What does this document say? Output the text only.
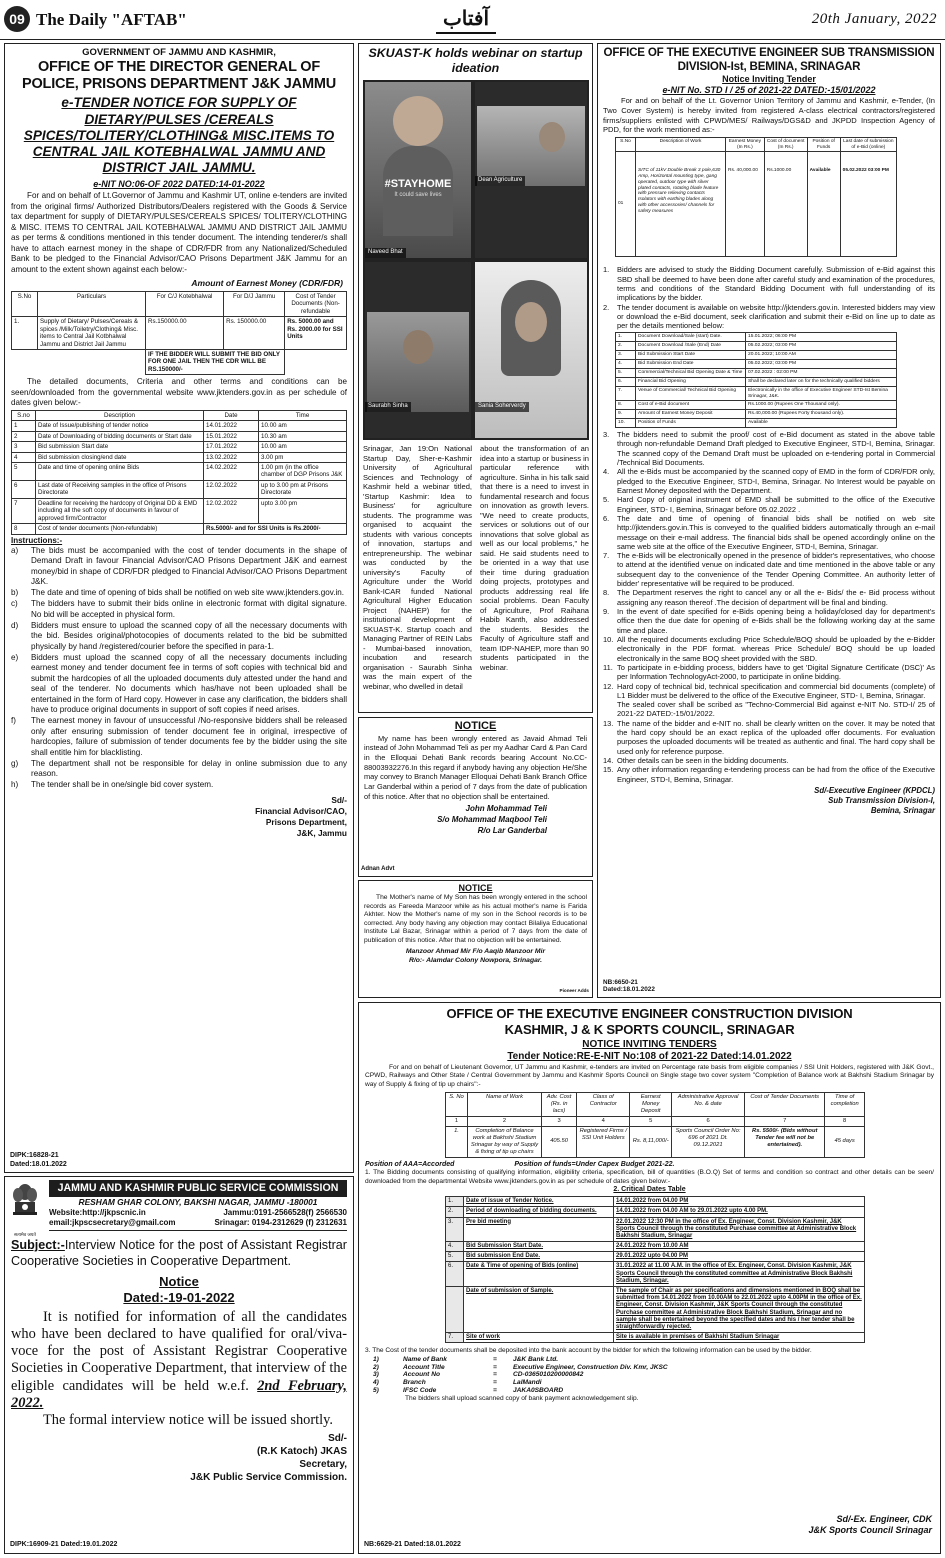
09 The Daily "AFTAB"	آفتاب	20th January, 2022
GOVERNMENT OF JAMMU AND KASHMIR,
OFFICE OF THE DIRECTOR GENERAL OF POLICE, PRISONS DEPARTMENT J&K JAMMU
e-TENDER NOTICE FOR SUPPLY OF DIETARY/PULSES /CEREALS SPICES/TOLITERY/CLOTHING& MISC.ITEMS TO CENTRAL JAIL KOTEBHALWAL JAMMU AND DISTRICT JAIL JAMMU.
e-NIT NO:06-OF 2022 DATED:14-01-2022

For and on behalf of Lt.Governor of Jammu and Kashmir UT, online e-tenders are invited from the original firms/ Authorized Distributors/Dealers registered with the Goods & Service tax department for supply of DIETARY/PULSES/CEREALS SPICES/ TOLITERY/CLOTHING & MISC. ITEMS TO CENTRAL JAIL KOTEBHALWAL JAMMU AND DISTRICT JAIL JAMMU as per terms & conditions mentioned in this tender document. The intending tenderer/s shall have to attach earnest money in the shape of CDR/FDR from any Nationalized/Scheduled Bank to be pledged to the Financial Advisor/CAO Prisons Department J&K Jammu for an amount to the extent shown against each below:-

Amount of Earnest Money (CDR/FDR)
S.No	Particulars	For C/J Kotebhalwal	For D/J Jammu	Cost of Tender Documents (Non-refundable
1.	Supply of Dietary/ Pulses/Cereals & spices /Milk/Toiletry/Clothing& Misc. items to Central Jail Kotbhalwal Jammu and District Jail Jammu	Rs.150000.00	Rs. 150000.00	Rs. 5000.00 and Rs. 2000.00 for SSI Units
		IF THE BIDDER WILL SUBMIT THE BID ONLY FOR ONE JAIL THEN THE CDR WILL BE RS.150000/-		

The detailed documents, Criteria and other terms and conditions can be seen/downloaded from the governmental website www.jktenders.gov.in as per schedule of dates given below:-

S.no	Description	Date	Time
1	Date of Issue/publishing of tender notice	14.01.2022	10.00 am
2	Date of Downloading of bidding documents or Start date	15.01.2022	10.30 am
3	Bid submission Start date	17.01.2022	10.00 am
4	Bid submission closing/end date	13.02.2022	3.00 pm
5	Date and time of opening online Bids	14.02.2022	1.00 pm (in the office chamber of DGP Prisons J&K
6	Last date of Receiving samples in the office of Prisons Directorate	12.02.2022	up to 3.00 pm at Prisons Directorate
7	Deadline for receiving the hardcopy of Original DD & EMD including all the soft copy of documents in favour of approved firm/Contractor	12.02.2022	upto 3.00 pm
8	Cost of tender documents (Non-refundable)	Rs.5000/- and for SSI Units is Rs.2000/-	
Instructions:-
a)	The bids must be accompanied with the cost of tender documents in the shape of Demand Draft in favour Financial Advisor/CAO Prisons Department J&K and earnest money/bid in shape of CDR/FDR pledged to Financial Advisor/CAO Prisons Department J&K.
b)	The date and time of opening of bids shall be notified on web site www.jktenders.gov.in.
c)	The bidders have to submit their bids online in electronic format with digital signature. No bid will be accepted in physical form.
d)	Bidders must ensure to upload the scanned copy of all the necessary documents with the bid. Besides original/photocopies of documents related to the bid be submitted physically by hand /registered/courier before the specified in para-1.
e)	Bidders must upload the scanned copy of all the necessary documents including earnest money and tender document fee in terms of soft copies with technical bid and submit the hardcopies of all the uploaded documents duly attested under the hand and seal of the tenderer. No documents which has/have not been uploaded shall be entertained in the form of Hard copy. However in case any clarification, the bidders shall have to produce original documents in support of soft copies if need arises.
f)	The earnest money in favour of unsuccessful /No-responsive bidders shall be released only after ensuring submission of tender document fee in original, irrespective of hardcopies, failure of submission of tender documents fee by the bidder using the site shall entitle him for blacklisting.
g)	The department shall not be responsible for delay in online submission due to any reason.
h)	The tender shall be in one/single bid cover system.
Sd/-
Financial Advisor/CAO,
Prisons Department,
J&K, Jammu
DIPK:16828-21
Dated:18.01.2022
सत्यमेव जयते
JAMMU AND KASHMIR PUBLIC SERVICE COMMISSION
RESHAM GHAR COLONY, BAKSHI NAGAR, JAMMU -180001
Website:http://jkpscnic.in	Jammu:0191-2566528(f) 2566530
email:jkpscsecretary@gmail.com	Srinagar: 0194-2312629 (f) 2312631

Subject:-Interview Notice for the post of Assistant Registrar Cooperative Societies in Cooperative Department.

Notice
Dated:-19-01-2022

It is notified for information of all the candidates who have been declared to have qualified for oral/viva-voce for the post of Assistant Registrar Cooperative Societies in Cooperative Department, that interview of the eligible candidates will be held w.e.f. 2nd February, 2022.

The formal interview notice will be issued shortly.

Sd/-
(R.K Katoch) JKAS
Secretary,
J&K Public Service Commission.
DIPK:16909-21 Dated:19.01.2022
SKUAST-K holds webinar on startup ideation
#STAYHOME
It could save lives
Naveed Bhat
Dean Agriculture
Saurabh Sinha	Sania Soherverdy

Srinagar, Jan 19:On National Startup Day, Sher-e-Kashmir University of Agricultural Sciences and Technology of Kashmir held a webinar titled, 'Startup Kashmir: Idea to Business' for agriculture students. The programme was organised to acquaint the students with various concepts of innovation, startups and entrepreneurship. The webinar was conducted by the university's Faculty of Agriculture under the World Bank-ICAR funded National Agricultural Higher Education Project (NAHEP) for the institutional development of SKUAST-K. Startup coach and Managing Partner of REIN Labs - Mumbai-based innovation, incubation and research organisation - Saurabh Sinha was the main expert of the webinar, who dwelled in detail

about the transformation of an idea into a startup or business in particular reference with agriculture. Sinha in his talk said that there is a need to invest in fundamental research and focus on innovation as growth levers. "We need to create products, services or solutions out of our innovations that solve global as well as our local problems," he said. He said students need to be oriented in a way that use their time during graduation doing projects, prototypes and products addressing real life social problems. Dean Faculty of Agriculture, Prof Raihana Habib Kanth, also addressed the students. Besides the Faculty of Agriculture staff and team IDP-NAHEP, more than 90 students participated in the webinar.

NOTICE

My name has been wrongly entered as Javaid Ahmad Teli instead of John Mohammad Teli as per my Aadhar Card & Pan Card in the Elloquai Dehati Bank records bearing Account No.CC-88003932276.In this regard if anybody having any objection He/She may convey to Branch Manager Elloquai Dehati Bank Branch Office Lar Ganderbal within a period of 7 days from the date of publication of this notice. After that no objection shall be entertained.

John Mohammad Teli
S/o Mohammad Maqbool Teli
R/o Lar Ganderbal
Adnan Advt
NOTICE

The Mother's name of My Son has been wrongly entered in the school records as Fareeda Manzoor while as his actual mother's name is Farida Akhter. Now the Mother's name of my son in the School records is to be corrected. Any body having any objection may contact Bilaliya Educational Institute Lal Bazar, Srinagar within a period of 7 days from the date of publication of this notice. After that no objection will be entertained.

Manzoor Ahmad Mir F/o Aaqib Manzoor Mir
R/o:- Alamdar Colony Nowpora, Srinagar.
Pioneer Adds
OFFICE OF THE EXECUTIVE ENGINEER SUB TRANSMISSION DIVISION-Ist, BEMINA, SRINAGAR
Notice Inviting Tender
e-NIT No. STD I / 25 of 2021-22 DATED:-15/01/2022

For and on behalf of the Lt. Governor Union Territory of Jammu and Kashmir, e-Tender, (In Two Cover System) is hereby invited from registered A-class electrical contractors/registered firms/suppliers enlisted with CPWD/MES/ Railways/DGS&D and JKPDD Inspection Agency of PDD, for the work mentioned as:-

S.No	Description of Work	Earnest Money (In Rs.)	Cost of document (In Rs.)	Position of Funds	Last date of submission of e-Bid (online)
01	SITC of 11kV Double Break 3 pole,630 Amp, Horizontal mounting type, gang operated, outdoor type with silver plated contacts, rotating blade feature with pressure relieving contacts Isolators with earthing blades along with other accessories/ channels for safety measures	Rs. 40,000.00	Rs.1000.00	Available	05.02.2022 03:00 PM
1.	Bidders are advised to study the Bidding Document carefully. Submission of e-Bid against this SBD shall be deemed to have been done after careful study and examination of the procedures, terms and conditions of the Standard Bidding Document with full understanding of its implications by the bidder.
2.	The tender document is available on website http://jktenders.gov.in. Interested bidders may view or download the e-Bid document, seek clarification and submit their e-Bid on line up to date as per the details mentioned below:
1.	Document Download/Sale (start) Date.	15.01.2022; 06:00 PM
2.	Document Download /Sale (End) Date	05.02.2022; 03:00 PM
3.	Bid Submission Start Date	20.01.2022; 10:00 AM
4.	Bid Submission End Date	05.02.2022; 03:00 PM
5.	Commercial/Technical Bid Opening Date & Time	07.02.2022 : 02:00 PM
6.	Financial Bid Opening	Shall be declared later on for the technically qualified bidders
7.	Venue of Commercial/ Technical Bid Opening	Electronically in the office of Executive Engineer STD-Ist Bemina Srinagar, J&K.
8.	Cost of e-Bid document	Rs.1000.00 (Rupees One Thousand only).
9.	Amount of Earnest Money Deposit	Rs.40,000.00 (Rupees Forty thousand only).
10.	Position of Funds	Available
3.	The bidders need to submit the proof/ cost of e-Bid document as stated in the above table through non-refundable Demand Draft pledged to Executive Engineer, STD-I, Bemina, Srinagar. The scanned copy of the Demand Draft must be uploaded on e-tendering portal in Commercial /Technical Bid Documents.
4.	All the e-Bids must be accompanied by the scanned copy of EMD in the form of CDR/FDR only, pledged to the Executive Engineer, STD-I, Bemina, Srinagar. No Interest would be payable on Earnest Money deposited with the Department.
5.	Hard Copy of original instrument of EMD shall be submitted to the office of the Executive Engineer, STD- I, Bemina, Srinagar before 05.02.2022 .
6.	The date and time of opening of financial bids shall be notified on web site http://jktenders.gov.in.This is conveyed to the qualified bidders automatically through an e-mail message on their e-mail address. The financial bids shall be opened accordingly online on the same web site at the office of the Executive Engineer, STD-I, Bemina, Srinagar.
7.	The e-Bids will be electronically opened in the presence of bidder's representatives, who choose to attend at the identified venue on indicated date and time mentioned in the above table or any subsequent day to the convenience of the Tender Opening Committee. An authority letter of bidder' representative will be required to be produced.
8.	The Department reserves the right to cancel any or all the e- Bids/ the e- Bid process without assigning any reason thereof .The decision of department will be final and binding.
9.	In the event of date specified for e-Bids opening being a holiday/closed day for department's office then the due date for opening of e-Bids shall be the following working day at the same time and place.
10. All the required documents excluding Price Schedule/BOQ should be uploaded by the e-Bidder electronically in the PDF format. whereas Price Schedule/ BOQ should be up loaded electronically in the same BOQ sheet provided with the SBD.
11. To participate in e-bidding process, bidders have to get 'Digital Signature Certificate (DSC)' As per Information TechnologyAct-2000, to participate in online bidding.
12. Hard copy of technical bid, technical specification and commercial bid documents (complete) of L1 Bidder must be delivered to the office of the Executive Engineer, STD- I, Bemina, Srinagar.
The sealed cover shall be scribed as "Techno-Commercial Bid against e-NIT No. STD-I/ 25 of 2021-22 DATED:-15/01/2022.
13. The name of the bidder and e-NIT no. shall be clearly written on the cover. It may be noted that the hard copy should be an exact replica of the uploaded offer documents. For evaluation purposes the uploaded documents will be treated as authentic and final. The hard copy shall be used only for reference purpose.
14. Other details can be seen in the bidding documents.
15. Any other information regarding e-tendering process can be had from the office of the Executive Engineer, STD-I, Bemina, Srinagar.
Sd/-Executive Engineer (KPDCL)
Sub Transmission Division-I,
Bemina, Srinagar
NB:6650-21
Dated:18.01.2022
OFFICE OF THE EXECUTIVE ENGINEER CONSTRUCTION DIVISION KASHMIR, J & K SPORTS COUNCIL, SRINAGAR
NOTICE INVITING TENDERS
Tender Notice:RE-E-NIT No:108 of 2021-22 Dated:14.01.2022

For and on behalf of Lieutenant Governor, UT Jammu and Kashmir, e-tenders are invited on Percentage rate basis from eligible companies / SSI Unit Holders, registered with J&K Govt., CPWD, Railways and Other State / Central Government by Jammu and Kashmir Sports Council on Single stage two cover system "Completion of Balance work at Bakhshi Stadium Srinagar by way of Supply & fixing of tip up chairs":-

S. No	Name of Work	Adv. Cost (Rs. in lacs)	Class of Contractor	Earnest Money Deposit	Administrative Approval No. & date	Cost of Tender Documents	Time of completion
1	2	3	4	5	6	7	8
1.	Completion of Balance work at Bakhshi Stadium Srinagar by way of Supply & fixing of tip up chairs	405.50	Registered Firms / SSI Unit Holders	Rs. 8,11,000/-	Sports Council Order No: 696 of 2021 Dt. 09.12.2021	Rs. 5500/- (Bids without Tender fee will not be entertained).	45 days
Position of AAA=Accorded	Position of funds=Under Capex Budget 2021-22.

1. The Bidding documents consisting of qualifying information, eligibility criteria, specification, bill of quantities (B.O.Q) Set of terms and condition so contract and other details can be seen/ downloaded from the departmental Website www.jktenders.gov.in as per schedule of dates given below:-

2. Critical Dates Table
1.	Date of issue of Tender Notice.	14.01.2022 from 04.00 PM
2.	Period of downloading of bidding documents.	14.01.2022 from 04.00 AM to 29.01.2022 upto 4.00 PM.
3.	Pre bid meeting	22.01.2022 12:30 PM in the office of Ex. Engineer, Const. Division Kashmir, J&K Sports Council through the constituted Purchase committee at Administrative Block Bakhshi Stadium, Srinagar
4.	Bid Submission Start Date.	24.01.2022 from 10.00 AM
5.	Bid submission End Date.	29.01.2022 upto 04.00 PM
6.	Date & Time of opening of Bids (online)	31.01.2022 at 11.00 A.M. in the office of Ex. Engineer, Const. Division Kashmir, J&K Sports Council through the constituted committee at Administrative Block Bakhshi Stadium, Srinagar.
	Date of submission of Sample.	The sample of Chair as per specifications and dimensions mentioned in BOQ shall be submitted from 14.01.2022 from 10.00AM to 22.01.2022 upto 4.00PM in the office of Ex. Engineer, Const. Division Kashmir, J&K Sports Council through the constituted Purchase committee at Administrative Block Bakhshi Stadium, Srinagar and no sample shall be entertained beyond the specified dates and his / her tender shall be straightforwardly rejected.
7.	Site of work	Site is available in premises of Bakhshi Stadium Srinagar

3. The Cost of the tender documents shall be deposited into the bank account by the bidder for which the following information can be used by the bidder.

1)	Name of Bank	=	J&K Bank Ltd.
2)	Account Title	=	Executive Engineer, Construction Div. Kmr, JKSC
3)	Account No	=	CD-0365010200000842
4)	Branch	=	LalMandi
5)	IFSC Code	=	JAKA0SBOARD

The bidders shall upload scanned copy of bank payment acknowledgement slip.

Sd/-Ex. Engineer, CDK
J&K Sports Council Srinagar
NB:6629-21 Dated:18.01.2022
